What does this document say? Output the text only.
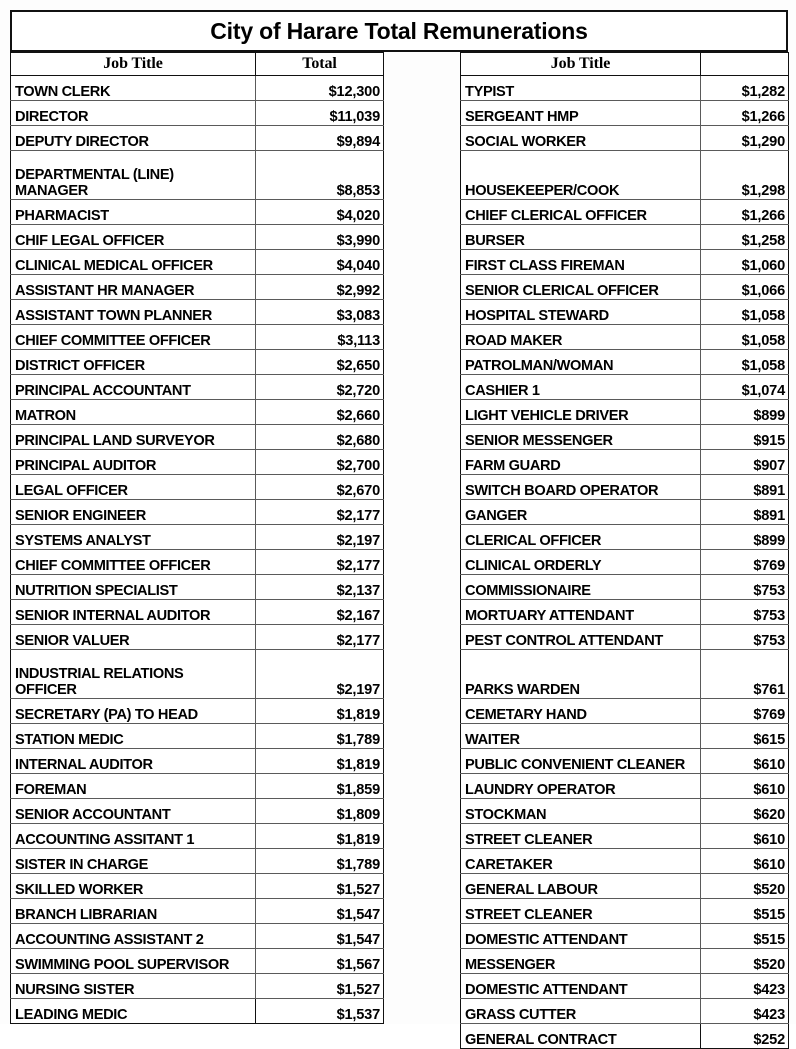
City of Harare Total Remunerations
Job Title	Total
TOWN CLERK	$12,300
DIRECTOR	$11,039
DEPUTY DIRECTOR	$9,894

DEPARTMENTAL (LINE)
MANAGER	$8,853
PHARMACIST	$4,020
CHIF LEGAL OFFICER	$3,990
CLINICAL MEDICAL OFFICER	$4,040
ASSISTANT HR MANAGER	$2,992
ASSISTANT TOWN PLANNER	$3,083
CHIEF COMMITTEE OFFICER	$3,113
DISTRICT OFFICER	$2,650
PRINCIPAL ACCOUNTANT	$2,720
MATRON	$2,660
PRINCIPAL LAND SURVEYOR	$2,680
PRINCIPAL AUDITOR	$2,700
LEGAL OFFICER	$2,670
SENIOR ENGINEER	$2,177
SYSTEMS ANALYST	$2,197
CHIEF COMMITTEE OFFICER	$2,177
NUTRITION SPECIALIST	$2,137
SENIOR INTERNAL AUDITOR	$2,167
SENIOR VALUER	$2,177

INDUSTRIAL RELATIONS
OFFICER	$2,197
SECRETARY (PA) TO HEAD	$1,819
STATION MEDIC	$1,789
INTERNAL AUDITOR	$1,819
FOREMAN	$1,859
SENIOR ACCOUNTANT	$1,809
ACCOUNTING ASSITANT 1	$1,819
SISTER IN CHARGE	$1,789
SKILLED WORKER	$1,527
BRANCH LIBRARIAN	$1,547
ACCOUNTING ASSISTANT 2	$1,547
SWIMMING POOL SUPERVISOR	$1,567
NURSING SISTER	$1,527
LEADING MEDIC	$1,537
Job Title	
TYPIST	$1,282
SERGEANT HMP	$1,266
SOCIAL WORKER	$1,290

HOUSEKEEPER/COOK	$1,298
CHIEF CLERICAL OFFICER	$1,266
BURSER	$1,258
FIRST CLASS FIREMAN	$1,060
SENIOR CLERICAL OFFICER	$1,066
HOSPITAL STEWARD	$1,058
ROAD MAKER	$1,058
PATROLMAN/WOMAN	$1,058
CASHIER 1	$1,074
LIGHT VEHICLE DRIVER	$899
SENIOR MESSENGER	$915
FARM GUARD	$907
SWITCH BOARD OPERATOR	$891
GANGER	$891
CLERICAL OFFICER	$899
CLINICAL ORDERLY	$769
COMMISSIONAIRE	$753
MORTUARY ATTENDANT	$753
PEST CONTROL ATTENDANT	$753

PARKS WARDEN	$761
CEMETARY HAND	$769
WAITER	$615
PUBLIC CONVENIENT CLEANER	$610
LAUNDRY OPERATOR	$610
STOCKMAN	$620
STREET CLEANER	$610
CARETAKER	$610
GENERAL LABOUR	$520
STREET CLEANER	$515
DOMESTIC ATTENDANT	$515
MESSENGER	$520
DOMESTIC ATTENDANT	$423
GRASS CUTTER	$423
GENERAL CONTRACT	$252
